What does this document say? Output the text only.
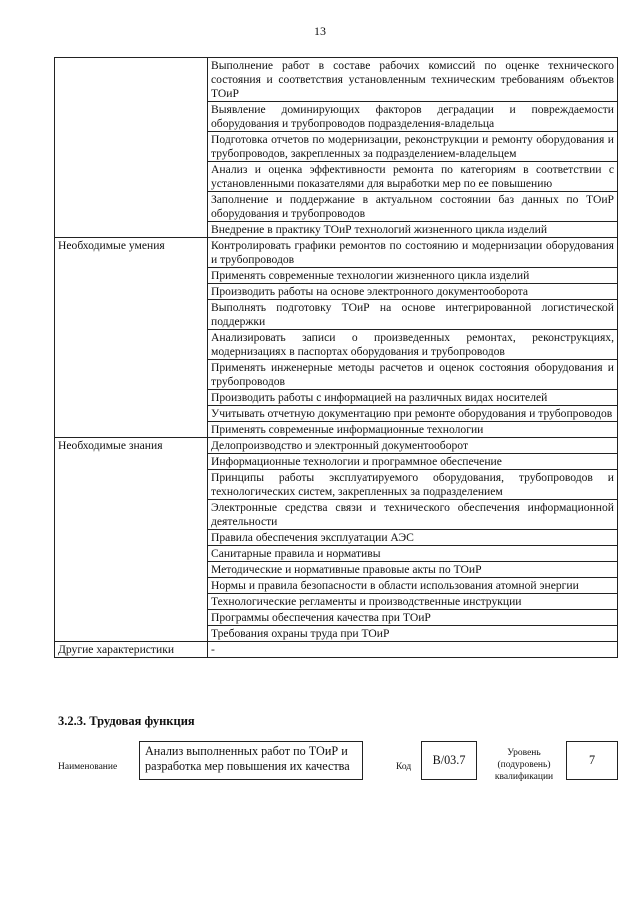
13
	Выполнение работ в составе рабочих комиссий по оценке технического состояния и соответствия установленным техническим требованиям объектов ТОиР
	Выявление доминирующих факторов деградации и повреждаемости оборудования и трубопроводов подразделения-владельца
	Подготовка отчетов по модернизации, реконструкции и ремонту оборудования и трубопроводов, закрепленных за подразделением-владельцем
	Анализ и оценка эффективности ремонта по категориям в соответствии с установленными показателями для выработки мер по ее повышению
	Заполнение и поддержание в актуальном состоянии баз данных по ТОиР оборудования и трубопроводов
	Внедрение в практику ТОиР технологий жизненного цикла изделий
Необходимые умения	Контролировать графики ремонтов по состоянию и модернизации оборудования и трубопроводов
	Применять современные технологии жизненного цикла изделий
	Производить работы на основе электронного документооборота
	Выполнять подготовку ТОиР на основе интегрированной логистической поддержки
	Анализировать записи о произведенных ремонтах, реконструкциях, модернизациях в паспортах оборудования и трубопроводов
	Применять инженерные методы расчетов и оценок состояния оборудования и трубопроводов
	Производить работы с информацией на различных видах носителей
	Учитывать отчетную документацию при ремонте оборудования и трубопроводов
	Применять современные информационные технологии
Необходимые знания	Делопроизводство и электронный документооборот
	Информационные технологии и программное обеспечение
	Принципы работы эксплуатируемого оборудования, трубопроводов и технологических систем, закрепленных за подразделением
	Электронные средства связи и технического обеспечения информационной деятельности
	Правила обеспечения эксплуатации АЭС
	Санитарные правила и нормативы
	Методические и нормативные правовые акты по ТОиР
	Нормы и правила безопасности в области использования атомной энергии
	Технологические регламенты и производственные инструкции
	Программы обеспечения качества при ТОиР
	Требования охраны труда при ТОиР
Другие характеристики	-
3.2.3. Трудовая функция
Наименование
Анализ выполненных работ по ТОиР и разработка мер повышения их качества	Код	B/03.7	Уровень (подуровень) квалификации
7
